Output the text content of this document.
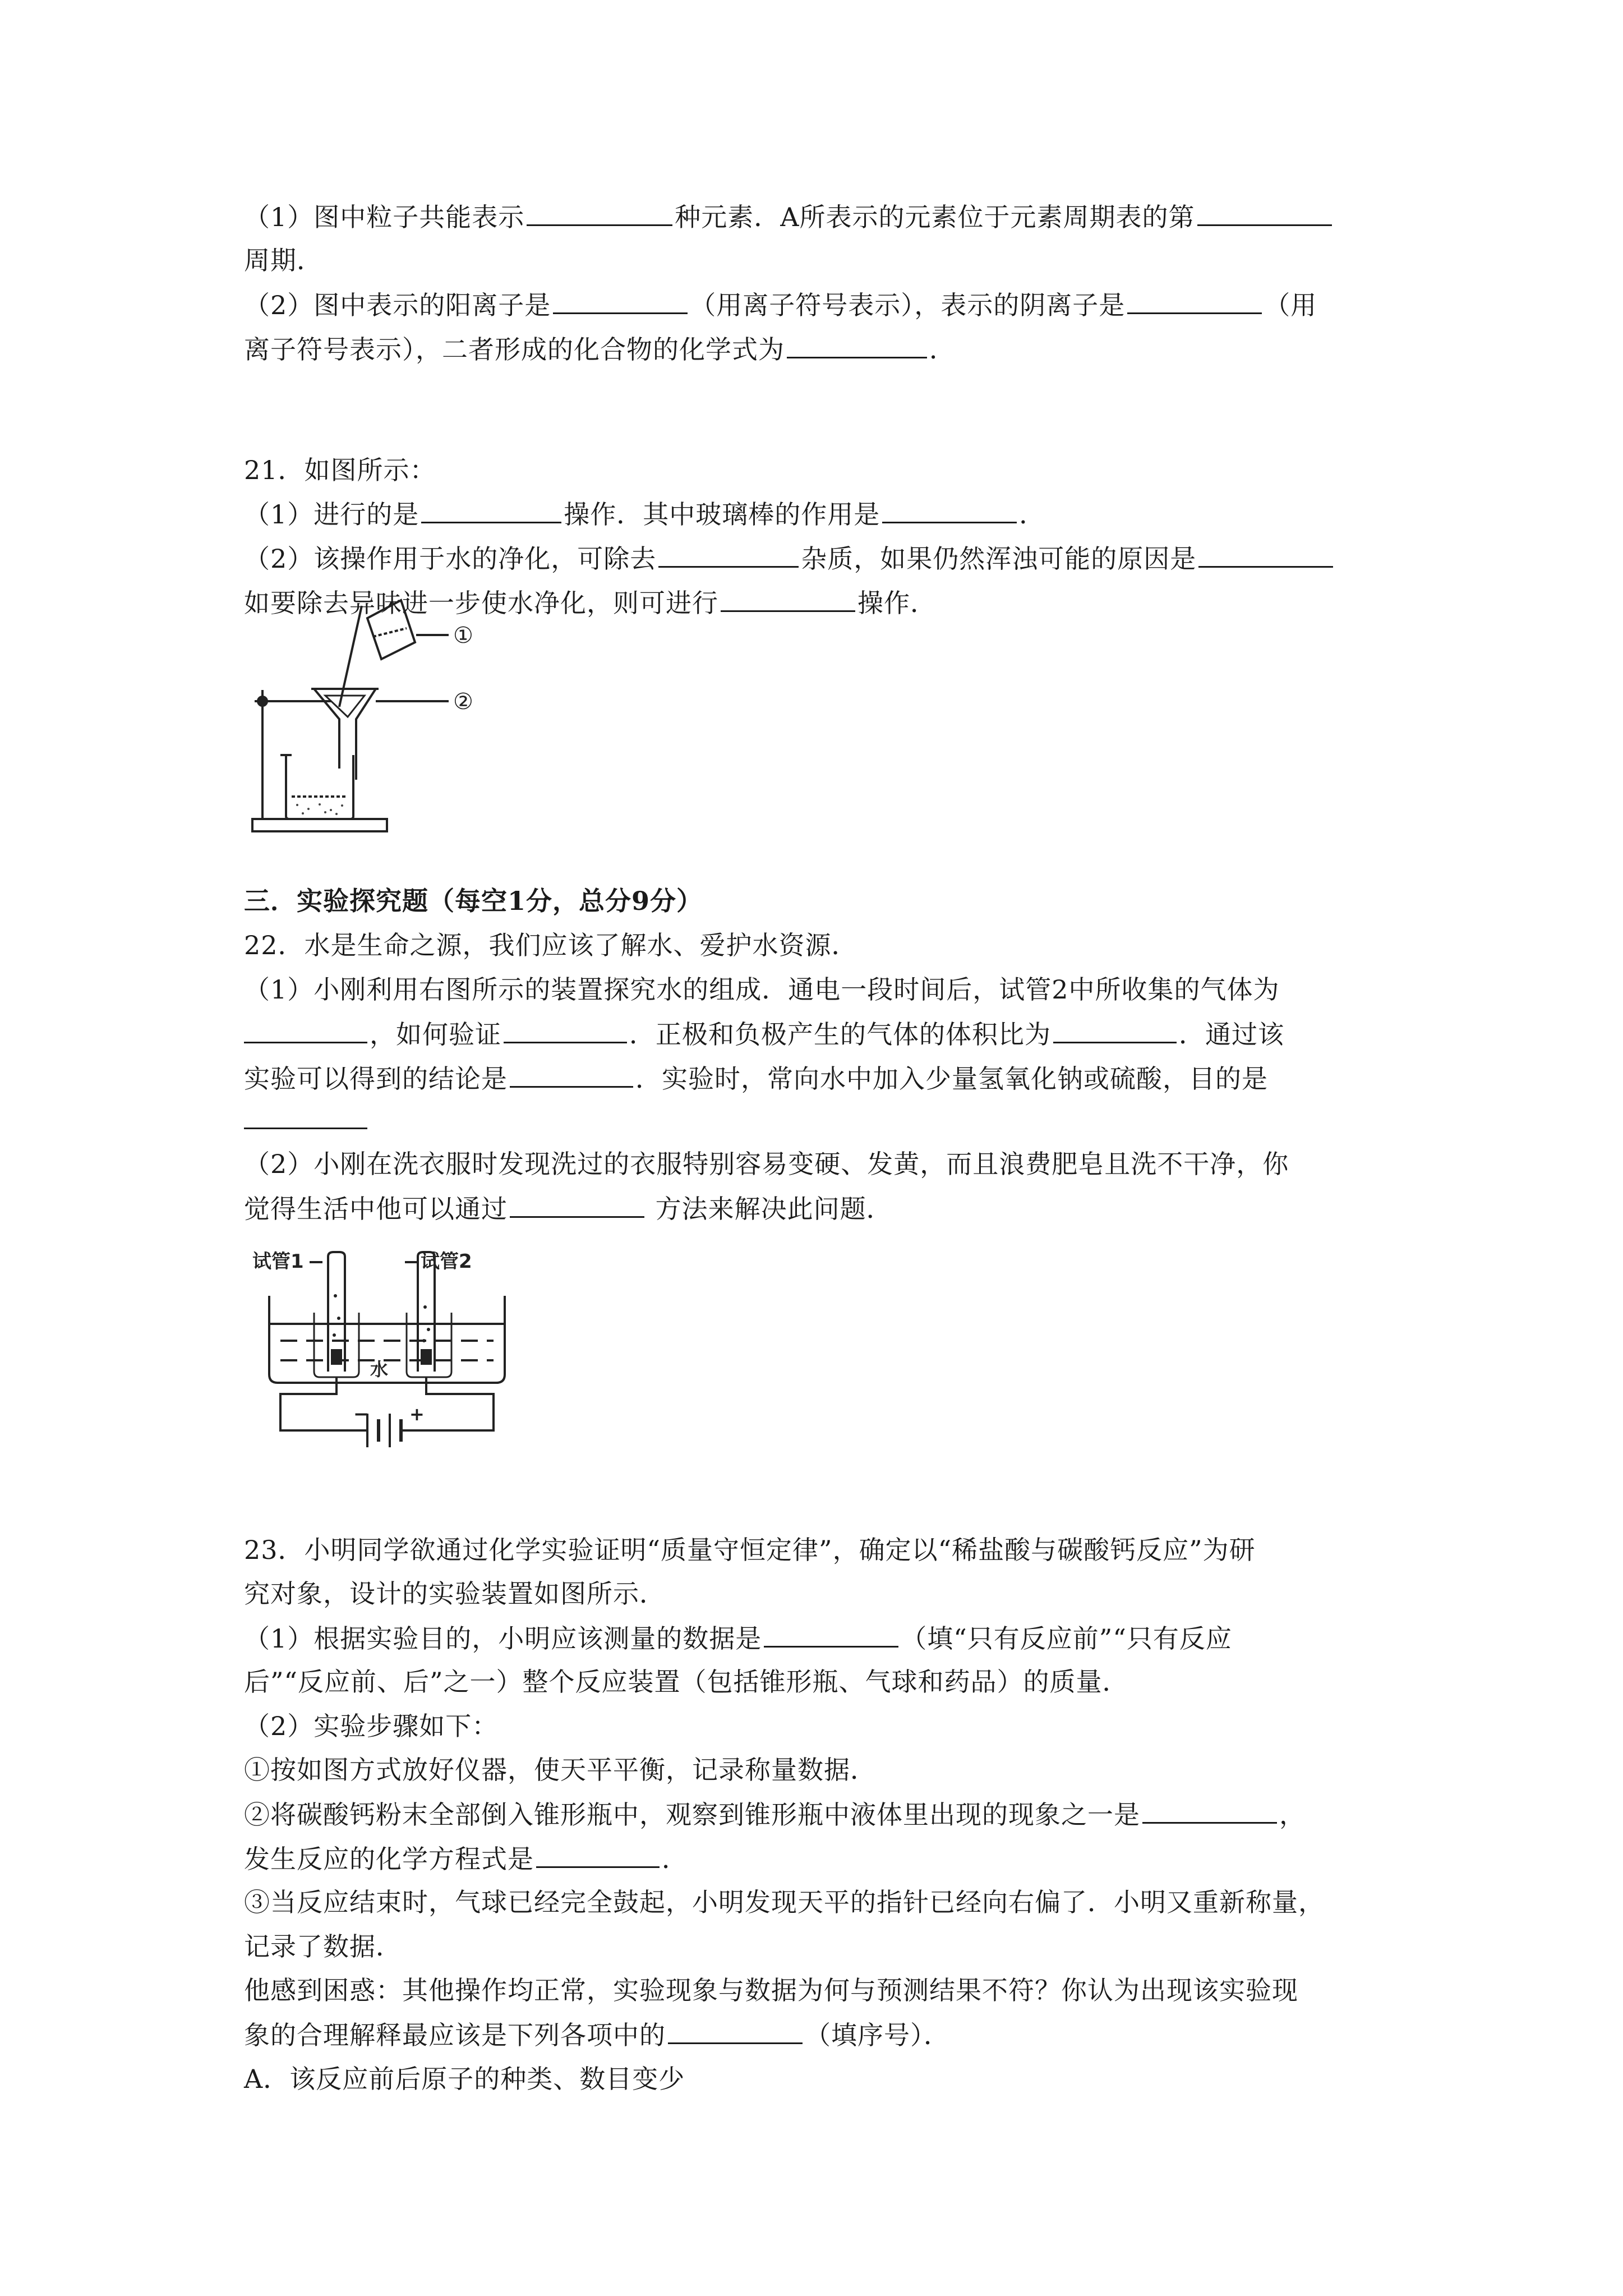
（1）图中粒子共能表示	种元素．A所表示的元素位于元素周期表的第
周期．
（2）图中表示的阳离子是	（用离子符号表示），表示的阴离子是	（用
离子符号表示），二者形成的化合物的化学式为	．
21．如图所示：
（1）进行的是	操作．其中玻璃棒的作用是	．
（2）该操作用于水的净化，可除去	杂质，如果仍然浑浊可能的原因是
如要除去异味进一步使水净化，则可进行	操作．
①
②
三．实验探究题（每空1分，总分9分）
22．水是生命之源，我们应该了解水、爱护水资源．
（1）小刚利用右图所示的装置探究水的组成．通电一段时间后，试管2中所收集的气体为
，如何验证	．正极和负极产生的气体的体积比为	．通过该
实验可以得到的结论是	．实验时，常向水中加入少量氢氧化钠或硫酸，目的是
（2）小刚在洗衣服时发现洗过的衣服特别容易变硬、发黄，而且浪费肥皂且洗不干净，你
觉得生活中他可以通过	方法来解决此问题．
试管1	试管2
水
− +
23．小明同学欲通过化学实验证明“质量守恒定律”，确定以“稀盐酸与碳酸钙反应”为研
究对象，设计的实验装置如图所示．
（1）根据实验目的，小明应该测量的数据是	（填“只有反应前”“只有反应
后”“反应前、后”之一）整个反应装置（包括锥形瓶、气球和药品）的质量．
（2）实验步骤如下：
①按如图方式放好仪器，使天平平衡，记录称量数据．
②将碳酸钙粉末全部倒入锥形瓶中，观察到锥形瓶中液体里出现的现象之一是	，
发生反应的化学方程式是	．
③当反应结束时，气球已经完全鼓起，小明发现天平的指针已经向右偏了．小明又重新称量，
记录了数据．
他感到困惑：其他操作均正常，实验现象与数据为何与预测结果不符？你认为出现该实验现
象的合理解释最应该是下列各项中的	（填序号）．
A．该反应前后原子的种类、数目变少
